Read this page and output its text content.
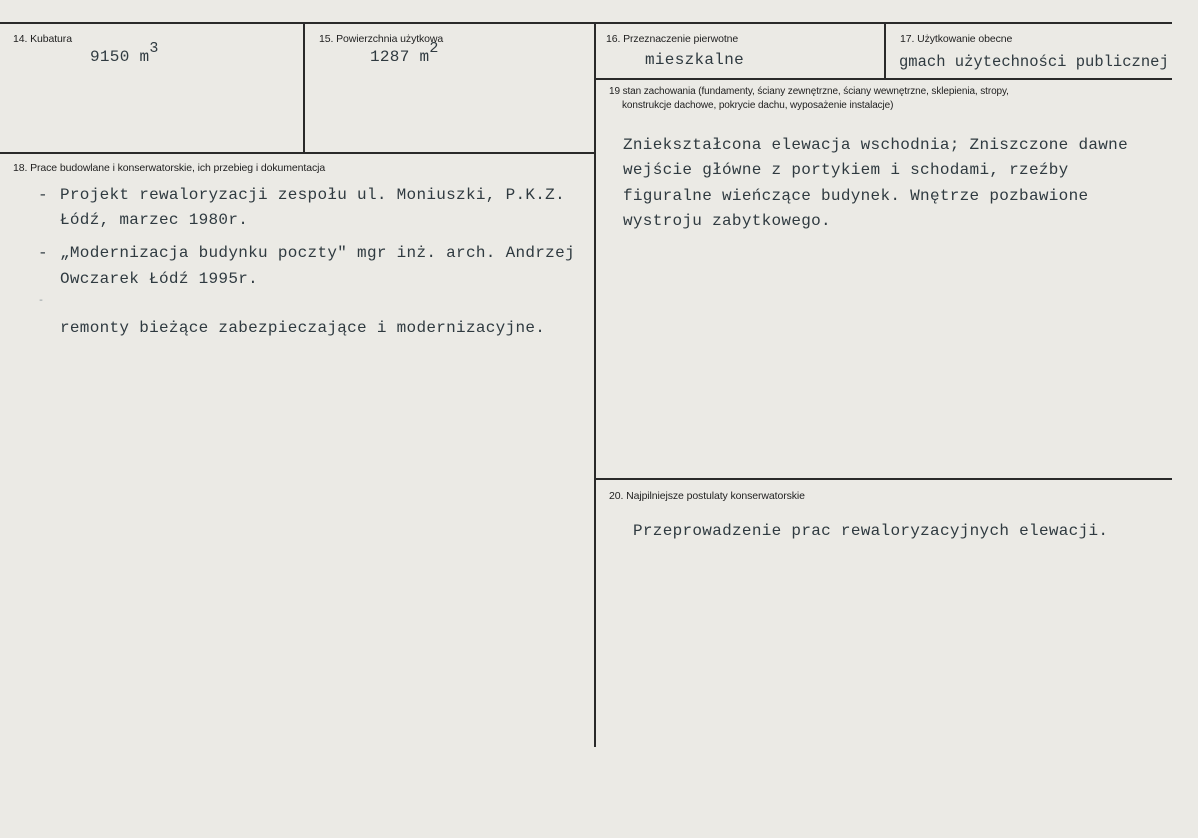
14. Kubatura
9150 m3
15. Powierzchnia użytkowa
1287 m2
16. Przeznaczenie pierwotne
mieszkalne
17. Użytkowanie obecne
gmach użytechności publicznej
18. Prace budowlane i konserwatorskie, ich przebieg i dokumentacja
- Projekt rewaloryzacji zespołu ul. Moniuszki, P.K.Z.
Łódź, marzec 1980r.
- „Modernizacja budynku poczty" mgr inż. arch. Andrzej
Owczarek Łódź 1995r.
-
remonty bieżące zabezpieczające i modernizacyjne.
19 stan zachowania (fundamenty, ściany zewnętrzne, ściany wewnętrzne, sklepienia, stropy,
konstrukcje dachowe, pokrycie dachu, wyposażenie instalacje)
Zniekształcona elewacja wschodnia; Zniszczone dawne
wejście główne z portykiem i schodami, rzeźby
figuralne wieńczące budynek. Wnętrze pozbawione
wystroju zabytkowego.
20. Najpilniejsze postulaty konserwatorskie
Przeprowadzenie prac rewaloryzacyjnych elewacji.
